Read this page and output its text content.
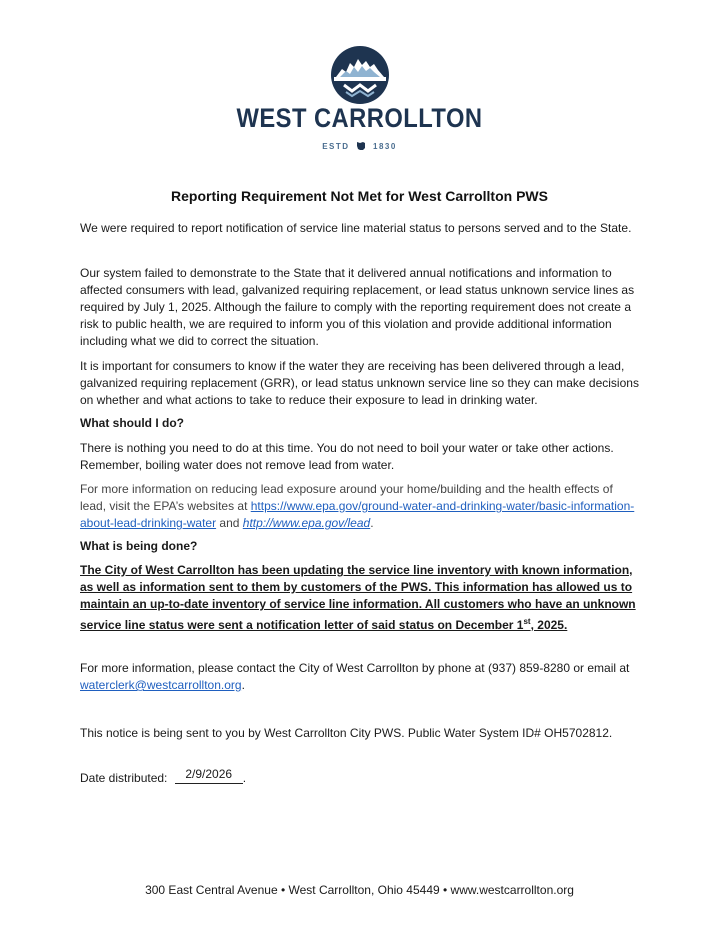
WEST CARROLLTON
ESTD	1830
Reporting Requirement Not Met for West Carrollton PWS
We were required to report notification of service line material status to persons served and to the State.
Our system failed to demonstrate to the State that it delivered annual notifications and information to affected consumers with lead, galvanized requiring replacement, or lead status unknown service lines as required by July 1, 2025. Although the failure to comply with the reporting requirement does not create a risk to public health, we are required to inform you of this violation and provide additional information including what we did to correct the situation.
It is important for consumers to know if the water they are receiving has been delivered through a lead, galvanized requiring replacement (GRR), or lead status unknown service line so they can make decisions on whether and what actions to take to reduce their exposure to lead in drinking water.
What should I do?
There is nothing you need to do at this time. You do not need to boil your water or take other actions. Remember, boiling water does not remove lead from water.
For more information on reducing lead exposure around your home/building and the health effects of lead, visit the EPA’s websites at https://www.epa.gov/ground-water-and-drinking-water/basic-information-about-lead-drinking-water and http://www.epa.gov/lead.
What is being done?
The City of West Carrollton has been updating the service line inventory with known information, as well as information sent to them by customers of the PWS. This information has allowed us to maintain an up-to-date inventory of service line information. All customers who have an unknown service line status were sent a notification letter of said status on December 1st, 2025.
For more information, please contact the City of West Carrollton by phone at (937) 859-8280 or email at waterclerk@westcarrollton.org.
This notice is being sent to you by West Carrollton City PWS. Public Water System ID# OH5702812.
Date distributed: 2/9/2026 .
300 East Central Avenue • West Carrollton, Ohio 45449 • www.westcarrollton.org
